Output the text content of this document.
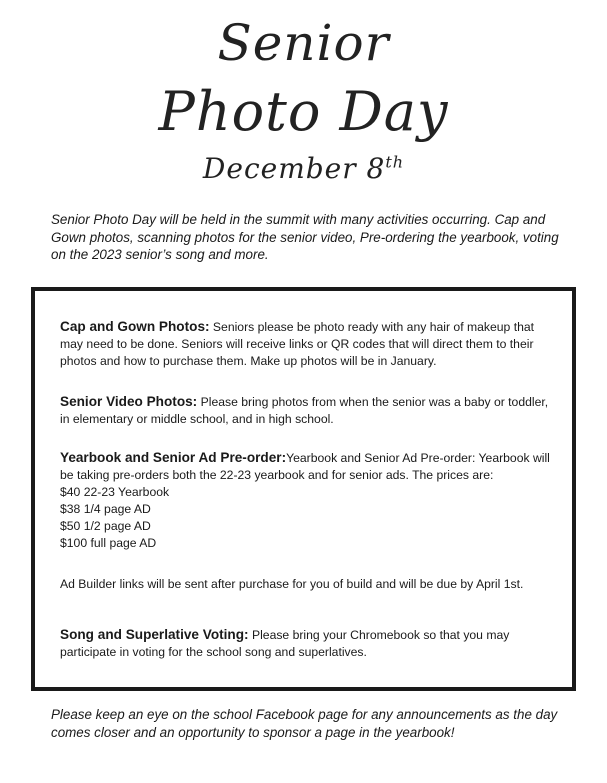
Senior
Photo Day
December 8th
Senior Photo Day will be held in the summit with many activities occurring. Cap and Gown photos, scanning photos for the senior video, Pre-ordering the yearbook, voting on the 2023 senior’s song and more.
Cap and Gown Photos: Seniors please be photo ready with any hair of makeup that may need to be done. Seniors will receive links or QR codes that will direct them to their photos and how to purchase them. Make up photos will be in January.
Senior Video Photos: Please bring photos from when the senior was a baby or toddler, in elementary or middle school, and in high school.
Yearbook and Senior Ad Pre-order:Yearbook and Senior Ad Pre-order: Yearbook will be taking pre-orders both the 22-23 yearbook and for senior ads. The prices are:
$40 22-23 Yearbook
$38 1/4 page AD
$50 1/2 page AD
$100 full page AD
Ad Builder links will be sent after purchase for you of build and will be due by April 1st.
Song and Superlative Voting: Please bring your Chromebook so that you may participate in voting for the school song and superlatives.
Please keep an eye on the school Facebook page for any announcements as the day comes closer and an opportunity to sponsor a page in the yearbook!
